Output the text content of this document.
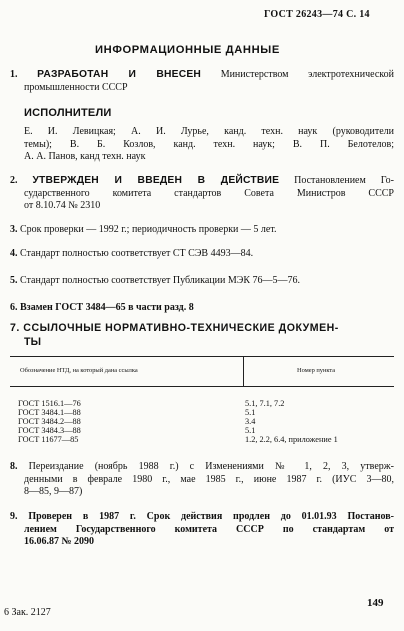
ГОСТ 26243—74 С. 14
ИНФОРМАЦИОННЫЕ ДАННЫЕ
1. РАЗРАБОТАН И ВНЕСЕН Министерством электротехнической
промышленности СССР
ИСПОЛНИТЕЛИ
Е. И. Левицкая; А. И. Лурье, канд. техн. наук (руководители
темы); В. Б. Козлов, канд. техн. наук; В. П. Белотелов;
А. А. Панов, канд техн. наук
2. УТВЕРЖДЕН И ВВЕДЕН В ДЕЙСТВИЕ Постановлением Го-
сударственного комитета стандартов Совета Министров СССР
от 8.10.74 № 2310
3. Срок проверки — 1992 г.; периодичность проверки — 5 лет.
4. Стандарт полностью соответствует СТ СЭВ 4493—84.
5. Стандарт полностью соответствует Публикации МЭК 76—5—76.
6. Взамен ГОСТ 3484—65 в части разд. 8
7. ССЫЛОЧНЫЕ НОРМАТИВНО-ТЕХНИЧЕСКИЕ ДОКУМЕН-
ТЫ
Обозначение НТД, на который дана ссылка	Номер пункта
ГОСТ 1516.1—76	5.1, 7.1, 7.2
ГОСТ 3484.1—88	5.1
ГОСТ 3484.2—88	3.4
ГОСТ 3484.3—88	5.1
ГОСТ 11677—85	1.2, 2.2, 6.4, приложение 1
8. Переиздание (ноябрь 1988 г.) с Изменениями № 1, 2, 3, утверж-
денными в феврале 1980 г., мае 1985 г., июне 1987 г. (ИУС 3—80,
8—85, 9—87)
9. Проверен в 1987 г. Срок действия продлен до 01.01.93 Постанов-
лением Государственного комитета СССР по стандартам от
16.06.87 № 2090
6 Зак. 2127
149
